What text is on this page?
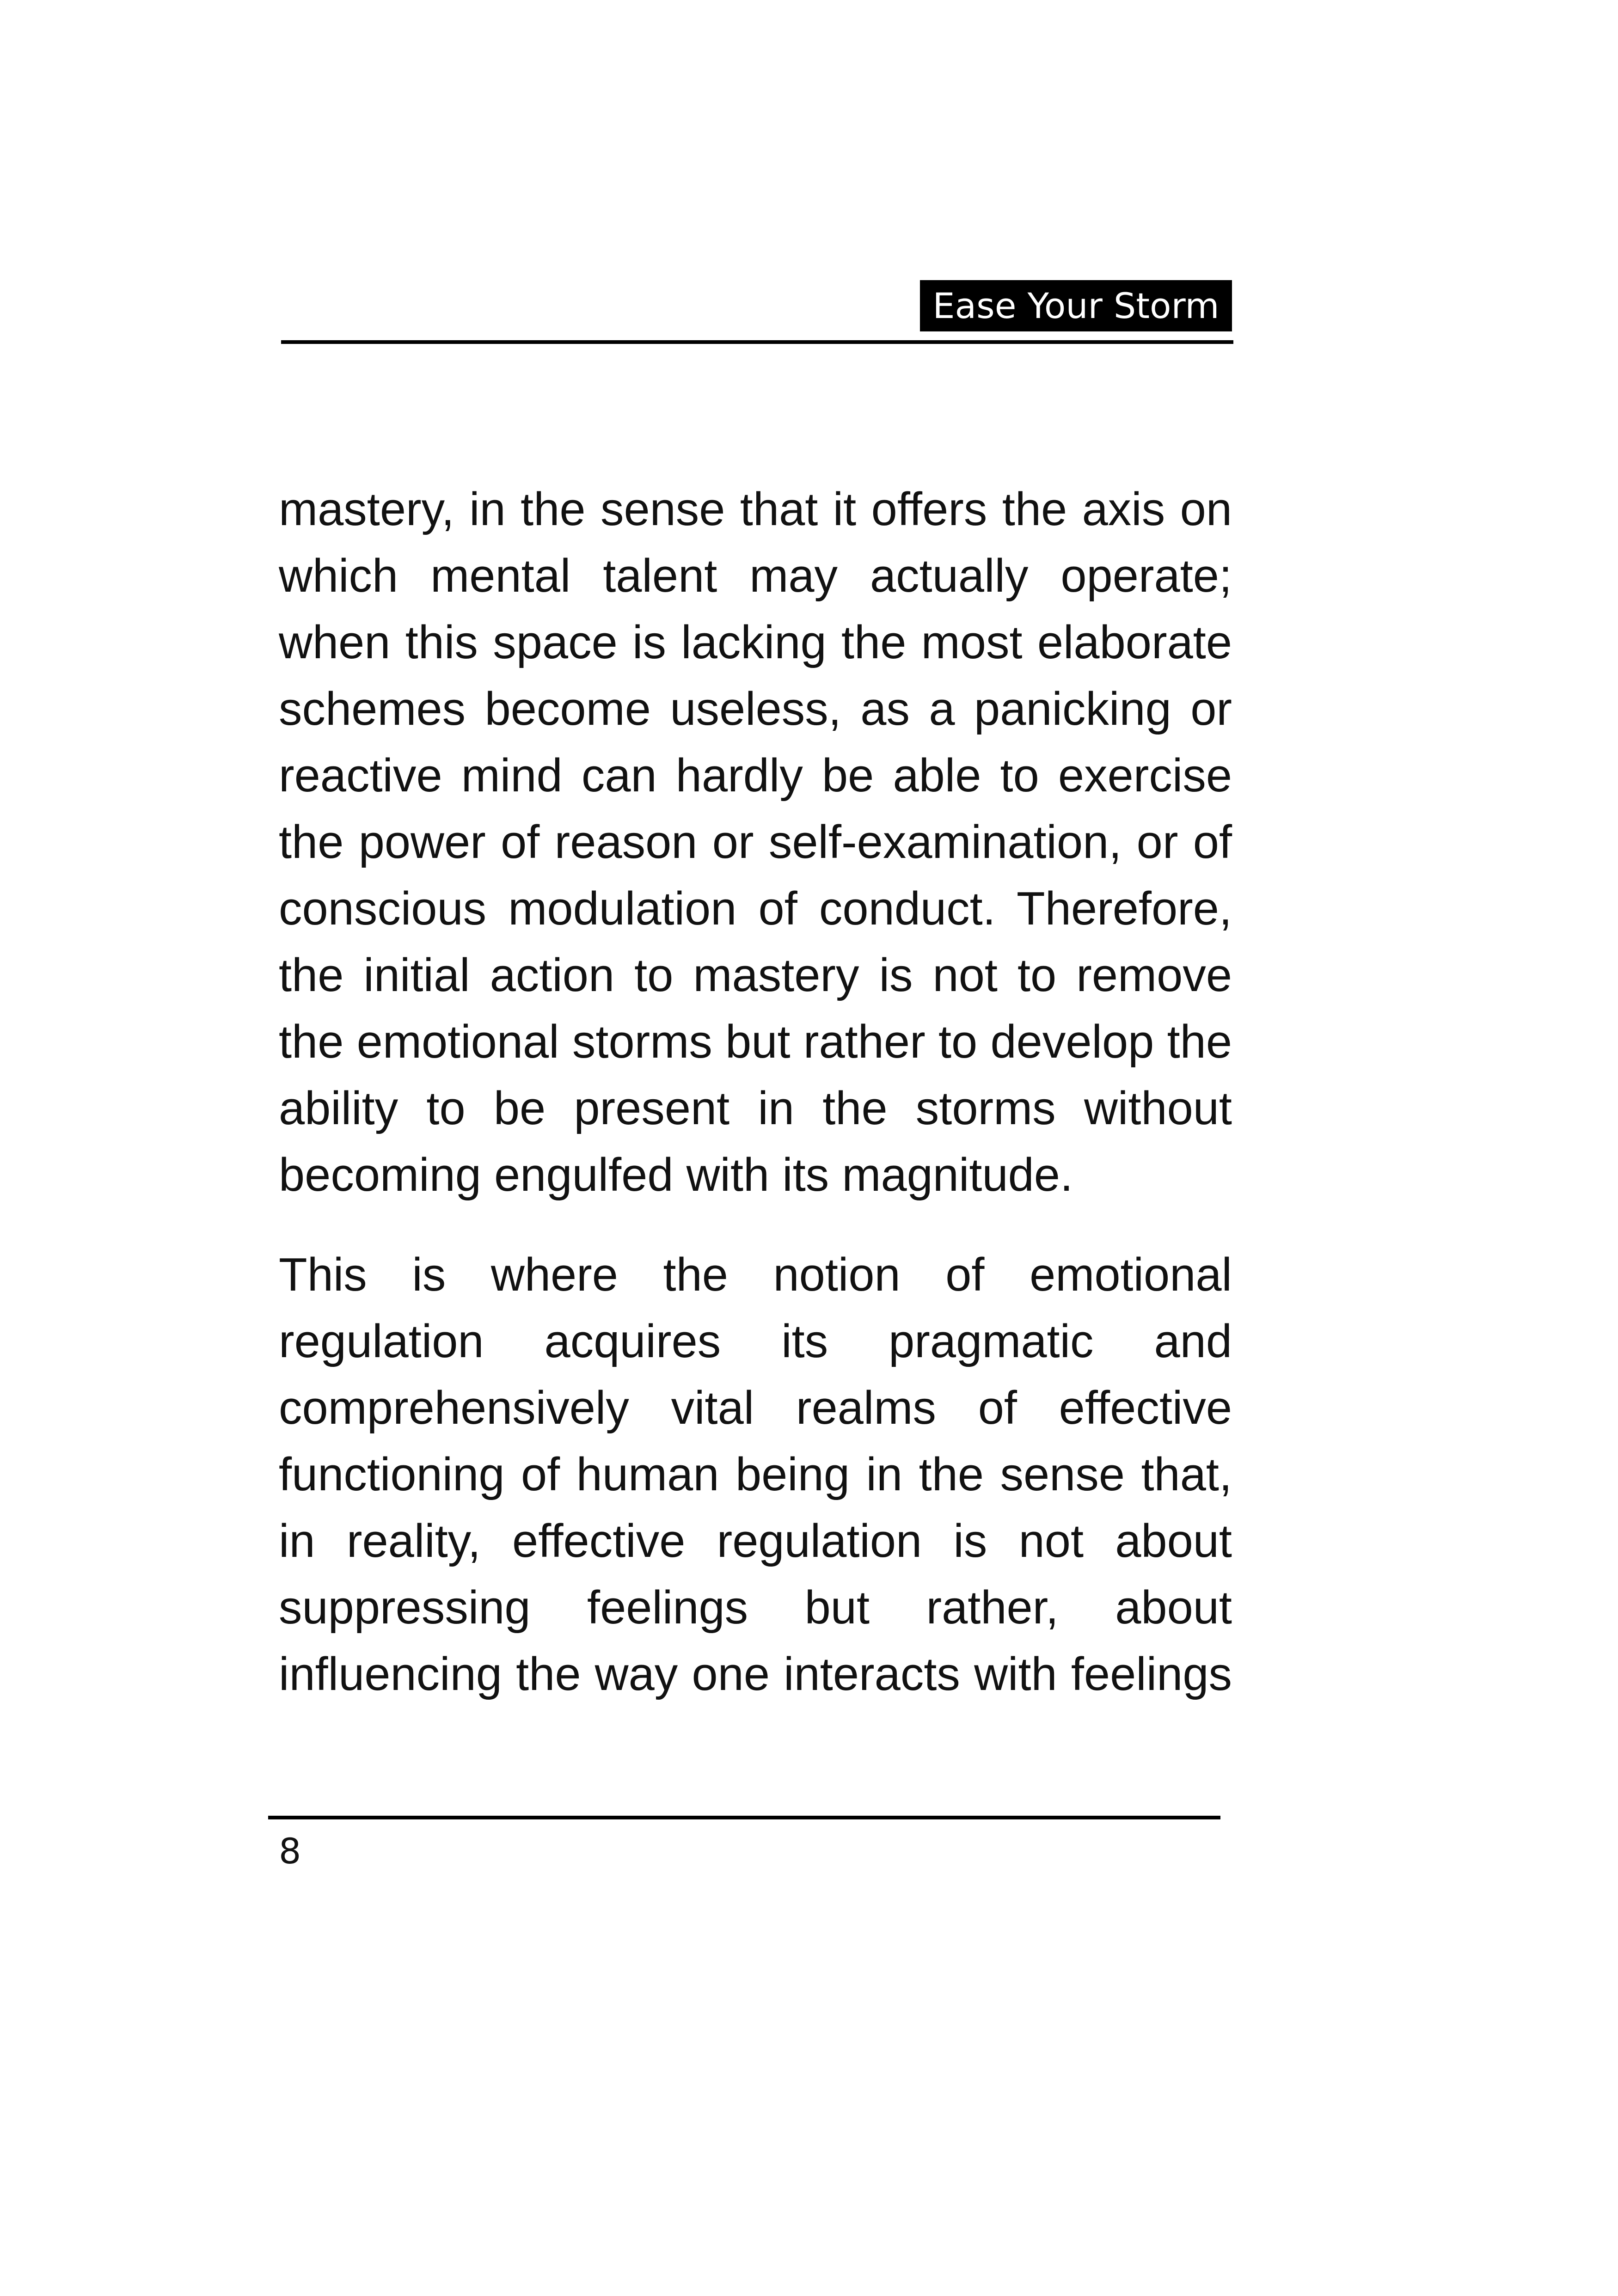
Ease Your Storm

mastery, in the sense that it offers the axis on
which mental talent may actually operate;
when this space is lacking the most elaborate
schemes become useless, as a panicking or
reactive mind can hardly be able to exercise
the power of reason or self-examination, or of
conscious modulation of conduct. Therefore,
the initial action to mastery is not to remove
the emotional storms but rather to develop the
ability to be present in the storms without
becoming engulfed with its magnitude.

This is where the notion of emotional
regulation acquires its pragmatic and
comprehensively vital realms of effective
functioning of human being in the sense that,
in reality, effective regulation is not about
suppressing feelings but rather, about
influencing the way one interacts with feelings

8
